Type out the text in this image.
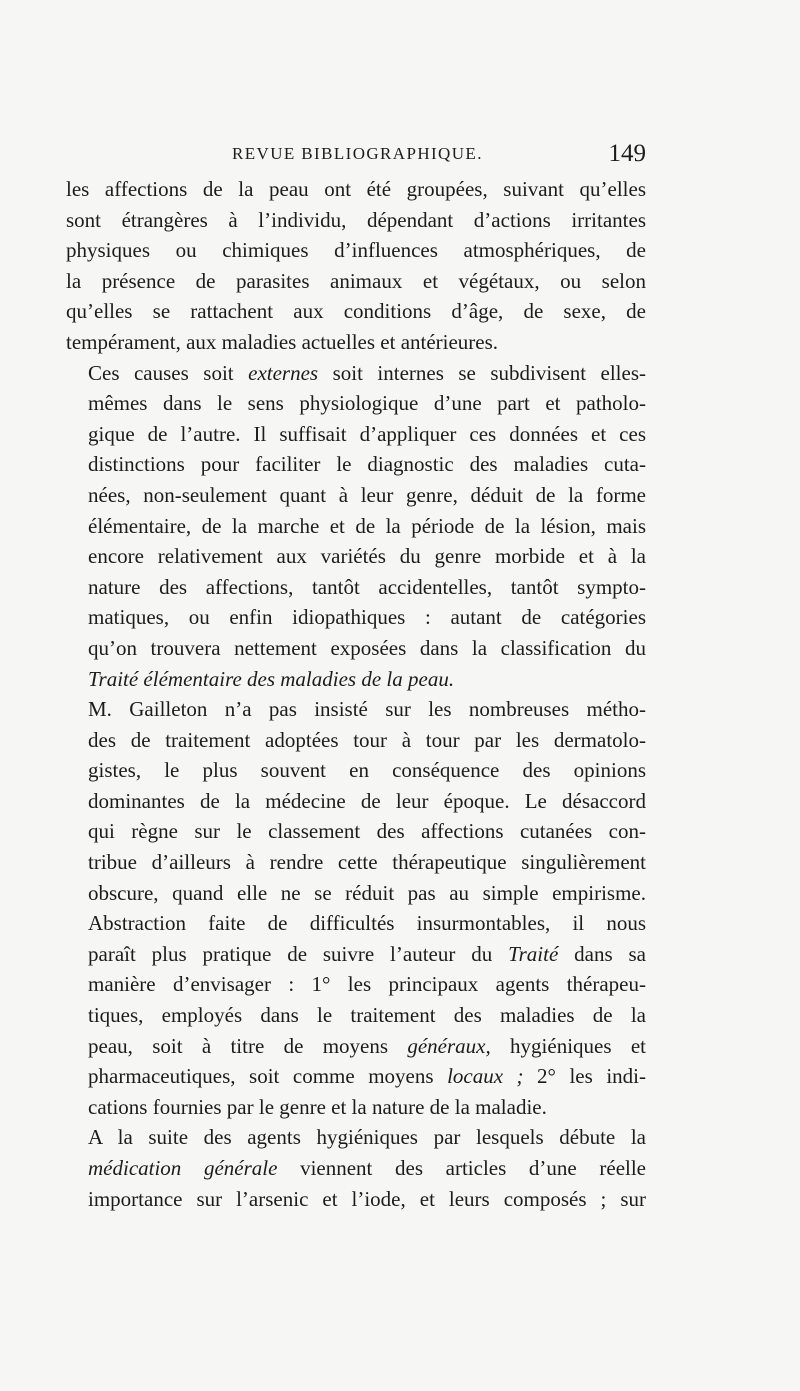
REVUE BIBLIOGRAPHIQUE.	149

les affections de la peau ont été groupées, suivant qu’elles
sont étrangères à l’individu, dépendant d’actions irritantes
physiques ou chimiques d’influences atmosphériques, de
la présence de parasites animaux et végétaux, ou selon
qu’elles se rattachent aux conditions d’âge, de sexe, de
tempérament, aux maladies actuelles et antérieures.

Ces causes soit externes soit internes se subdivisent elles-
mêmes dans le sens physiologique d’une part et patholo-
gique de l’autre. Il suffisait d’appliquer ces données et ces
distinctions pour faciliter le diagnostic des maladies cuta-
nées, non-seulement quant à leur genre, déduit de la forme
élémentaire, de la marche et de la période de la lésion, mais
encore relativement aux variétés du genre morbide et à la
nature des affections, tantôt accidentelles, tantôt sympto-
matiques, ou enfin idiopathiques : autant de catégories
qu’on trouvera nettement exposées dans la classification du
Traité élémentaire des maladies de la peau.

M. Gailleton n’a pas insisté sur les nombreuses métho-
des de traitement adoptées tour à tour par les dermatolo-
gistes, le plus souvent en conséquence des opinions
dominantes de la médecine de leur époque. Le désaccord
qui règne sur le classement des affections cutanées con-
tribue d’ailleurs à rendre cette thérapeutique singulièrement
obscure, quand elle ne se réduit pas au simple empirisme.
Abstraction faite de difficultés insurmontables, il nous
paraît plus pratique de suivre l’auteur du Traité dans sa
manière d’envisager : 1° les principaux agents thérapeu-
tiques, employés dans le traitement des maladies de la
peau, soit à titre de moyens généraux, hygiéniques et
pharmaceutiques, soit comme moyens locaux ; 2° les indi-
cations fournies par le genre et la nature de la maladie.

A la suite des agents hygiéniques par lesquels débute la
médication générale viennent des articles d’une réelle
importance sur l’arsenic et l’iode, et leurs composés ; sur
